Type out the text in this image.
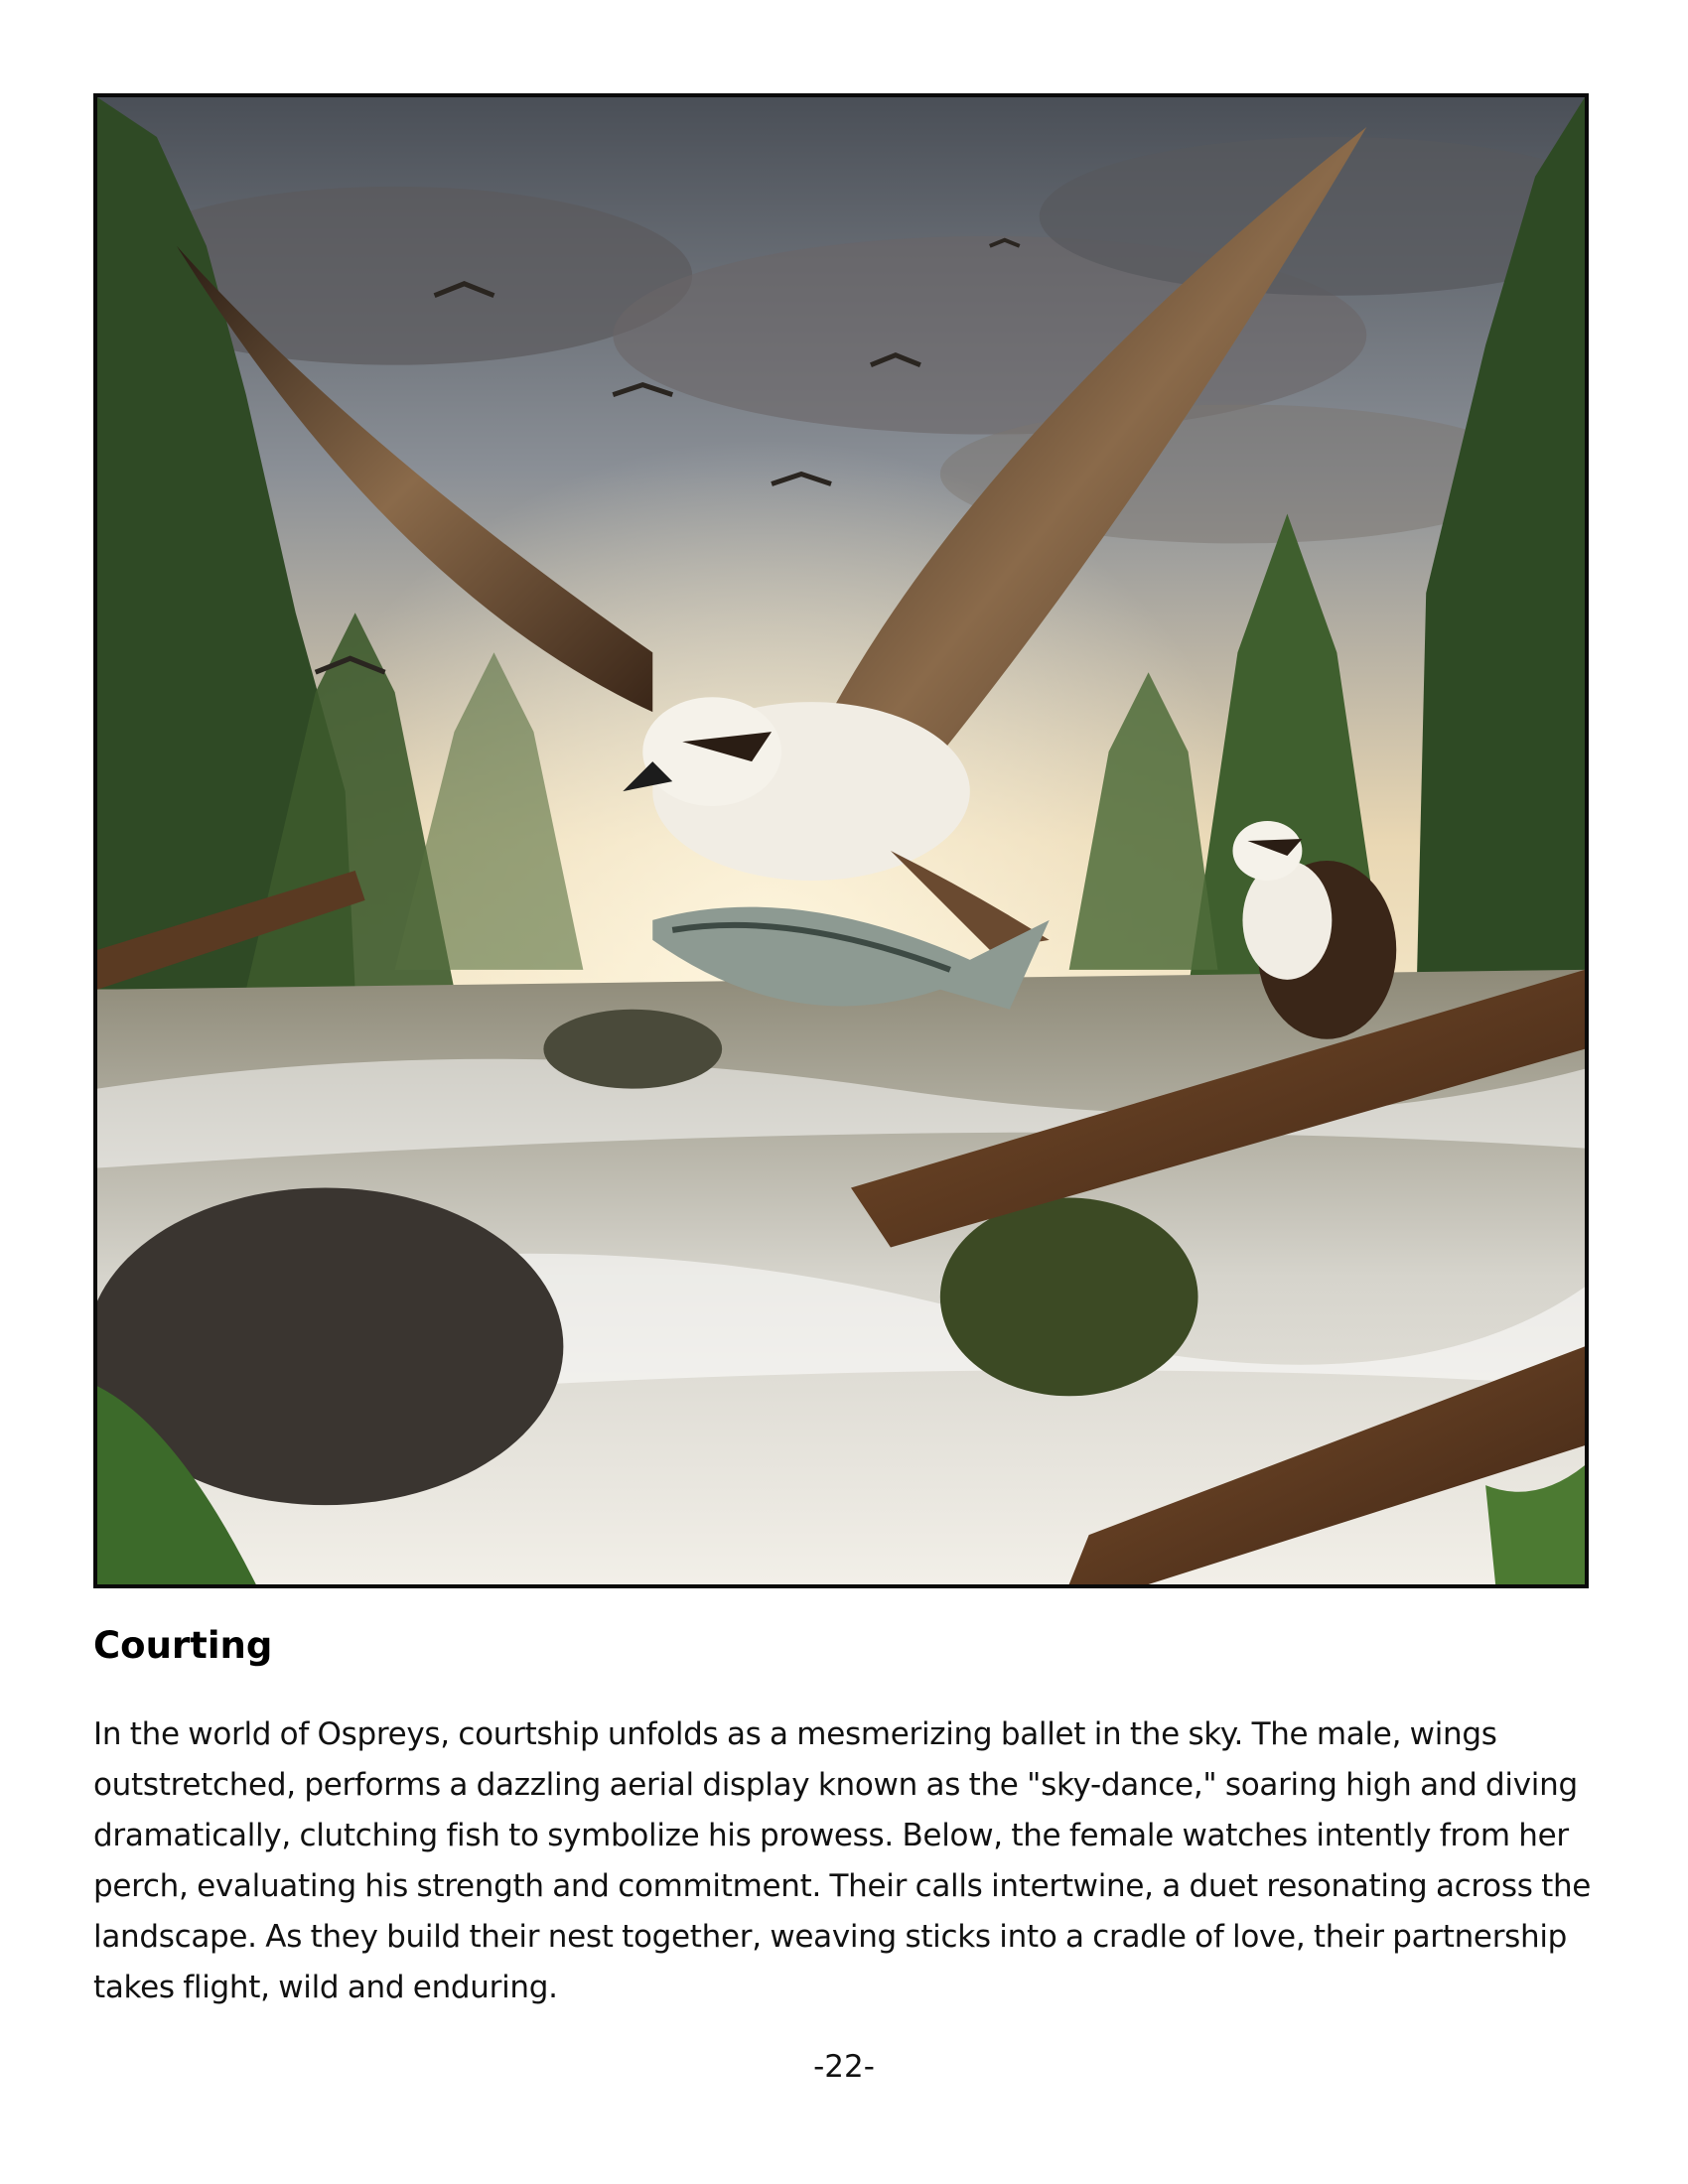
Courting

In the world of Ospreys, courtship unfolds as a mesmerizing ballet in the sky. The male, wings outstretched, performs a dazzling aerial display known as the "sky-dance," soaring high and diving dramatically, clutching fish to symbolize his prowess. Below, the female watches intently from her perch, evaluating his strength and commitment. Their calls intertwine, a duet resonating across the landscape. As they build their nest together, weaving sticks into a cradle of love, their partnership takes flight, wild and enduring.

-22-
